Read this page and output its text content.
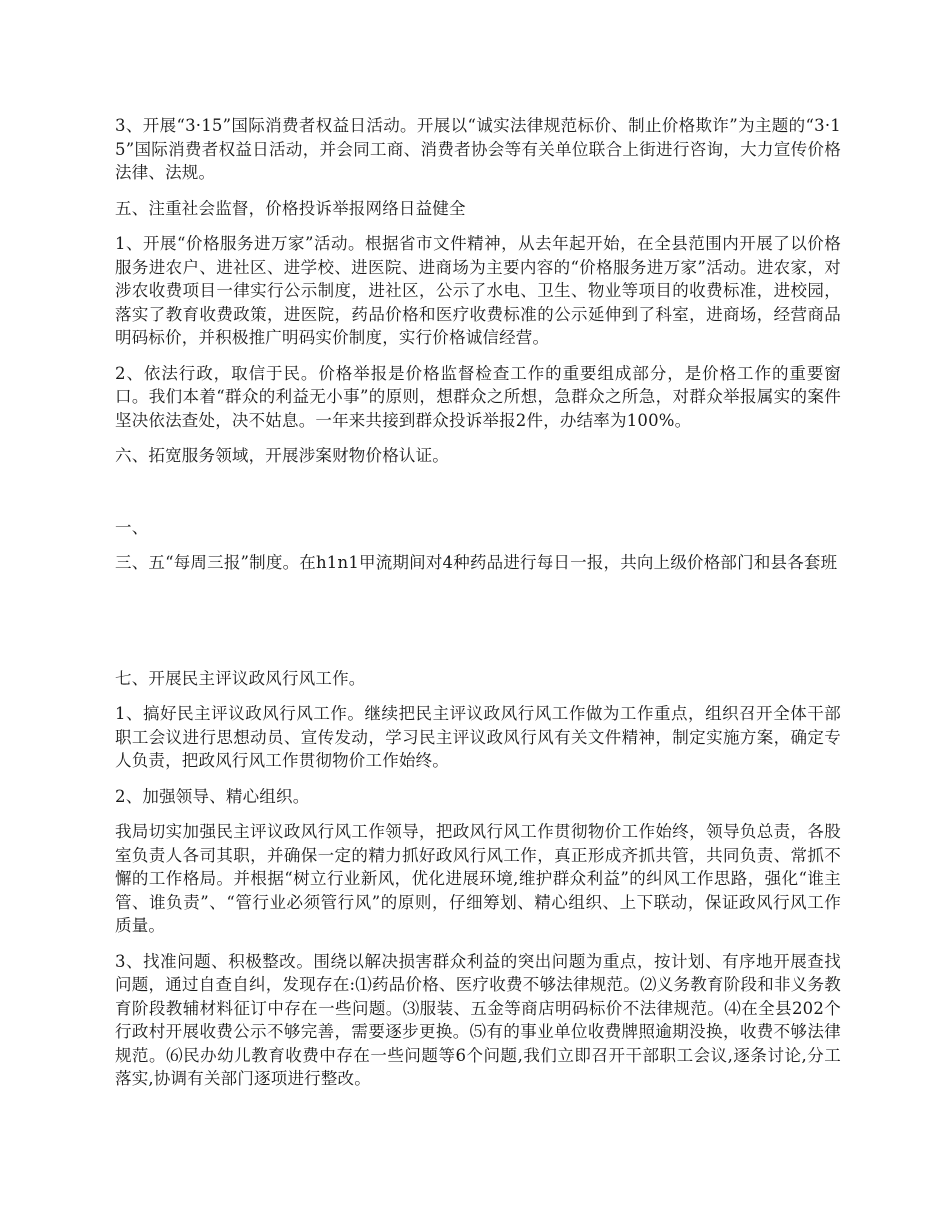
3、开展“3·15”国际消费者权益日活动。开展以“诚实法律规范标价、制止价格欺诈”为主题的“3·15”国际消费者权益日活动，并会同工商、消费者协会等有关单位联合上街进行咨询，大力宣传价格法律、法规。

五、注重社会监督，价格投诉举报网络日益健全

1、开展“价格服务进万家”活动。根据省市文件精神，从去年起开始，在全县范围内开展了以价格服务进农户、进社区、进学校、进医院、进商场为主要内容的“价格服务进万家”活动。进农家，对涉农收费项目一律实行公示制度，进社区，公示了水电、卫生、物业等项目的收费标准，进校园，落实了教育收费政策，进医院，药品价格和医疗收费标准的公示延伸到了科室，进商场，经营商品明码标价，并积极推广明码实价制度，实行价格诚信经营。

2、依法行政，取信于民。价格举报是价格监督检查工作的重要组成部分，是价格工作的重要窗口。我们本着“群众的利益无小事”的原则，想群众之所想，急群众之所急，对群众举报属实的案件坚决依法查处，决不姑息。一年来共接到群众投诉举报2件，办结率为100%。

六、拓宽服务领域，开展涉案财物价格认证。

一、

三、五“每周三报”制度。在h1n1甲流期间对4种药品进行每日一报，共向上级价格部门和县各套班

七、开展民主评议政风行风工作。

1、搞好民主评议政风行风工作。继续把民主评议政风行风工作做为工作重点，组织召开全体干部职工会议进行思想动员、宣传发动，学习民主评议政风行风有关文件精神，制定实施方案，确定专人负责，把政风行风工作贯彻物价工作始终。

2、加强领导、精心组织。

我局切实加强民主评议政风行风工作领导，把政风行风工作贯彻物价工作始终，领导负总责，各股室负责人各司其职，并确保一定的精力抓好政风行风工作，真正形成齐抓共管，共同负责、常抓不懈的工作格局。并根据“树立行业新风，优化进展环境,维护群众利益”的纠风工作思路，强化“谁主管、谁负责”、“管行业必须管行风”的原则，仔细筹划、精心组织、上下联动，保证政风行风工作质量。

3、找准问题、积极整改。围绕以解决损害群众利益的突出问题为重点，按计划、有序地开展查找问题，通过自查自纠，发现存在:⑴药品价格、医疗收费不够法律规范。⑵义务教育阶段和非义务教育阶段教辅材料征订中存在一些问题。⑶服装、五金等商店明码标价不法律规范。⑷在全县202个行政村开展收费公示不够完善，需要逐步更换。⑸有的事业单位收费牌照逾期没换，收费不够法律规范。⑹民办幼儿教育收费中存在一些问题等6个问题,我们立即召开干部职工会议,逐条讨论,分工落实,协调有关部门逐项进行整改。
